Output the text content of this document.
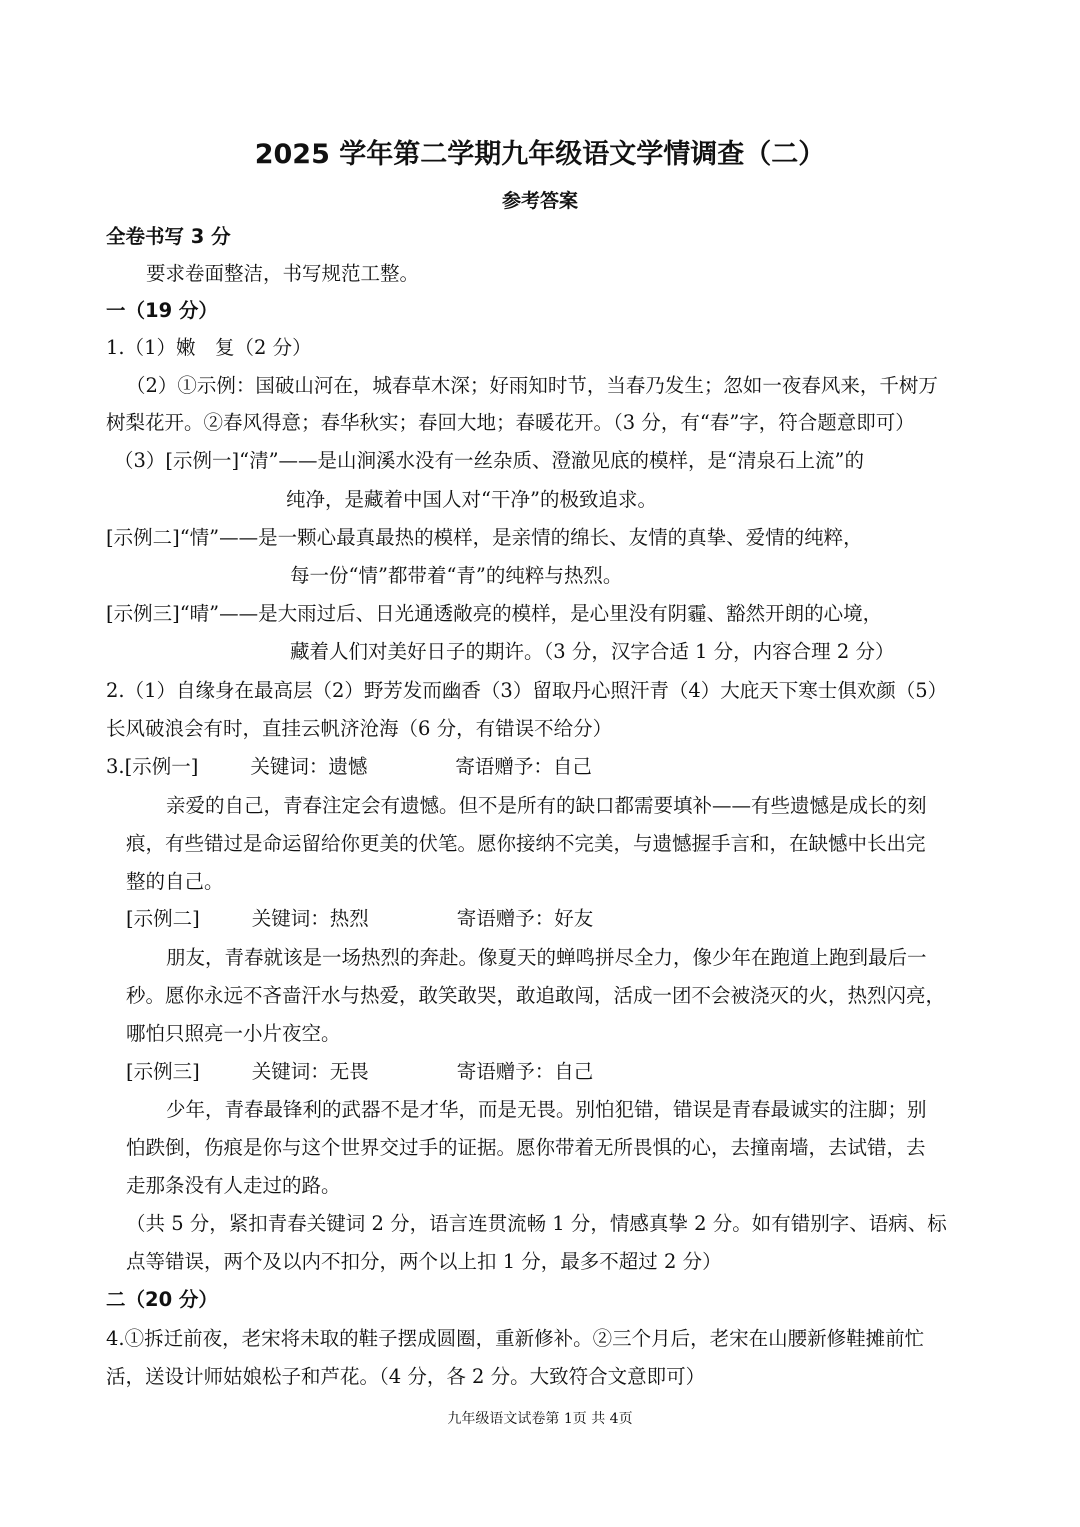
2025 学年第二学期九年级语文学情调查（二）
参考答案
全卷书写 3 分
要求卷面整洁，书写规范工整。
一（19 分）
1.（1）嫩　复（2 分）
（2）①示例：国破山河在，城春草木深；好雨知时节，当春乃发生；忽如一夜春风来，千树万
树梨花开。②春风得意；春华秋实；春回大地；春暖花开。（3 分，有“春”字，符合题意即可）
（3）[示例一]“清”——是山涧溪水没有一丝杂质、澄澈见底的模样，是“清泉石上流”的
纯净，是藏着中国人对“干净”的极致追求。
[示例二]“情”——是一颗心最真最热的模样，是亲情的绵长、友情的真挚、爱情的纯粹，
每一份“情”都带着“青”的纯粹与热烈。
[示例三]“晴”——是大雨过后、日光通透敞亮的模样，是心里没有阴霾、豁然开朗的心境，
藏着人们对美好日子的期许。（3 分，汉字合适 1 分，内容合理 2 分）
2.（1）自缘身在最高层（2）野芳发而幽香（3）留取丹心照汗青（4）大庇天下寒士俱欢颜（5）
长风破浪会有时，直挂云帆济沧海（6 分，有错误不给分）
3.[示例一]	关键词：遗憾	寄语赠予：自己
亲爱的自己，青春注定会有遗憾。但不是所有的缺口都需要填补——有些遗憾是成长的刻
痕，有些错过是命运留给你更美的伏笔。愿你接纳不完美，与遗憾握手言和，在缺憾中长出完
整的自己。
[示例二]	关键词：热烈	寄语赠予：好友
朋友，青春就该是一场热烈的奔赴。像夏天的蝉鸣拼尽全力，像少年在跑道上跑到最后一
秒。愿你永远不吝啬汗水与热爱，敢笑敢哭，敢追敢闯，活成一团不会被浇灭的火，热烈闪亮，
哪怕只照亮一小片夜空。
[示例三]	关键词：无畏	寄语赠予：自己
少年，青春最锋利的武器不是才华，而是无畏。别怕犯错，错误是青春最诚实的注脚；别
怕跌倒，伤痕是你与这个世界交过手的证据。愿你带着无所畏惧的心，去撞南墙，去试错，去
走那条没有人走过的路。
（共 5 分，紧扣青春关键词 2 分，语言连贯流畅 1 分，情感真挚 2 分。如有错别字、语病、标
点等错误，两个及以内不扣分，两个以上扣 1 分，最多不超过 2 分）
二（20 分）
4.①拆迁前夜，老宋将未取的鞋子摆成圆圈，重新修补。②三个月后，老宋在山腰新修鞋摊前忙
活，送设计师姑娘松子和芦花。（4 分，各 2 分。大致符合文意即可）
九年级语文试卷第 1页 共 4页
